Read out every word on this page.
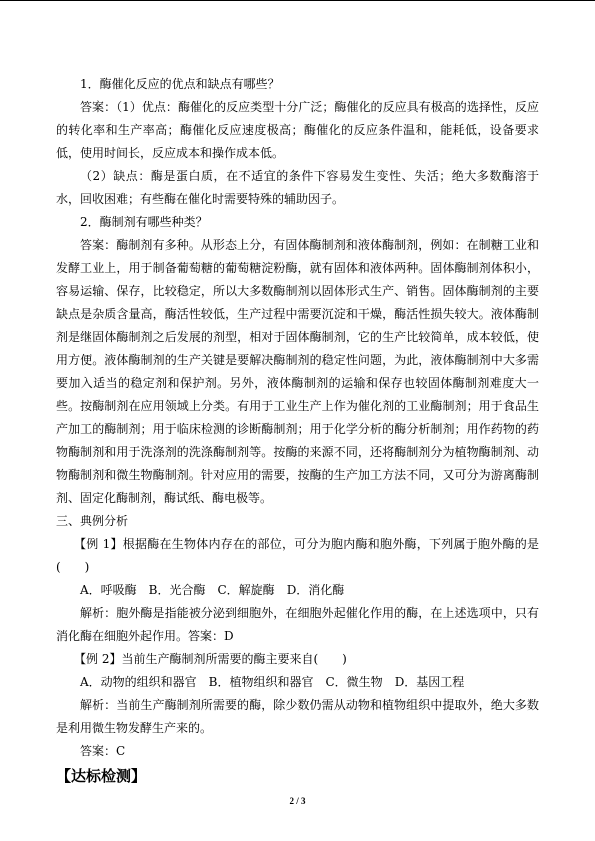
1．酶催化反应的优点和缺点有哪些？

答案：（1）优点：酶催化的反应类型十分广泛；酶催化的反应具有极高的选择性，反应的转化率和生产率高；酶催化反应速度极高；酶催化的反应条件温和，能耗低，设备要求低，使用时间长，反应成本和操作成本低。

（2）缺点：酶是蛋白质，在不适宜的条件下容易发生变性、失活；绝大多数酶溶于水，回收困难；有些酶在催化时需要特殊的辅助因子。

2．酶制剂有哪些种类？

答案：酶制剂有多种。从形态上分，有固体酶制剂和液体酶制剂，例如：在制糖工业和发酵工业上，用于制备葡萄糖的葡萄糖淀粉酶，就有固体和液体两种。固体酶制剂体积小，容易运输、保存，比较稳定，所以大多数酶制剂以固体形式生产、销售。固体酶制剂的主要缺点是杂质含量高，酶活性较低，生产过程中需要沉淀和干燥，酶活性损失较大。液体酶制剂是继固体酶制剂之后发展的剂型，相对于固体酶制剂，它的生产比较简单，成本较低，使用方便。液体酶制剂的生产关键是要解决酶制剂的稳定性问题，为此，液体酶制剂中大多需要加入适当的稳定剂和保护剂。另外，液体酶制剂的运输和保存也较固体酶制剂难度大一些。按酶制剂在应用领域上分类。有用于工业生产上作为催化剂的工业酶制剂；用于食品生产加工的酶制剂；用于临床检测的诊断酶制剂；用于化学分析的酶分析制剂；用作药物的药物酶制剂和用于洗涤剂的洗涤酶制剂等。按酶的来源不同，还将酶制剂分为植物酶制剂、动物酶制剂和微生物酶制剂。针对应用的需要，按酶的生产加工方法不同，又可分为游离酶制剂、固定化酶制剂，酶试纸、酶电极等。

三、典例分析

【例 1】根据酶在生物体内存在的部位，可分为胞内酶和胞外酶，下列属于胞外酶的是(　　)

A．呼吸酶 B．光合酶 C．解旋酶 D．消化酶

解析：胞外酶是指能被分泌到细胞外，在细胞外起催化作用的酶，在上述选项中，只有消化酶在细胞外起作用。答案：D

【例 2】当前生产酶制剂所需要的酶主要来自(　　)

A．动物的组织和器官 B．植物组织和器官 C．微生物 D．基因工程

解析：当前生产酶制剂所需要的酶，除少数仍需从动物和植物组织中提取外，绝大多数是利用微生物发酵生产来的。

答案：C

【达标检测】

2 / 3
